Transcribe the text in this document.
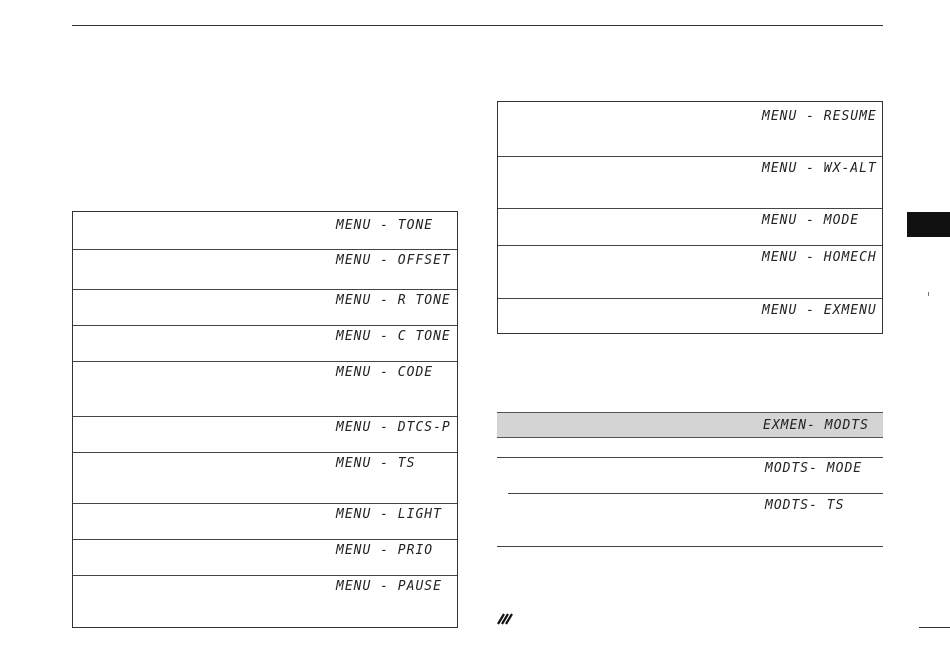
MENU - TONE
MENU - OFFSET
MENU - R TONE
MENU - C TONE
MENU - CODE
MENU - DTCS-P
MENU - TS
MENU - LIGHT
MENU - PRIO
MENU - PAUSE
MENU - RESUME
MENU - WX-ALT
MENU - MODE
MENU - HOMECH
MENU - EXMENU
EXMEN- MODTS
MODTS- MODE
MODTS- TS
